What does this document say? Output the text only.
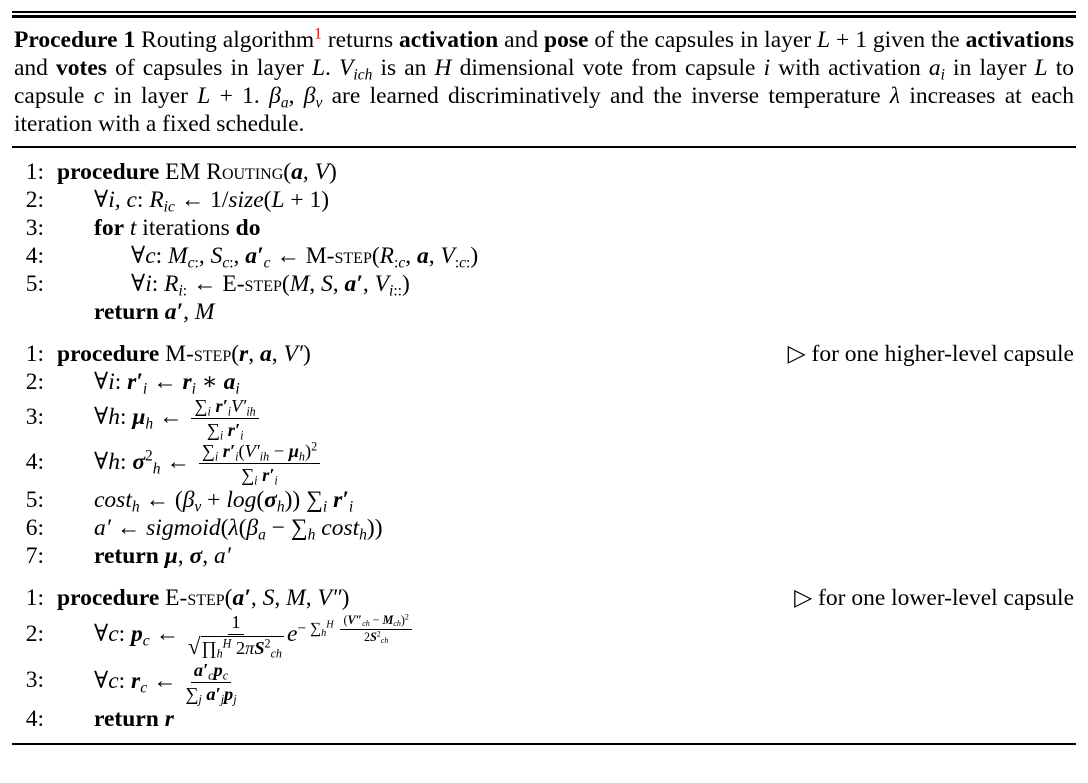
Procedure 1 Routing algorithm$^1$ returns activation and pose of the capsules in layer L + 1 given the activations and votes of capsules in layer L. $V_{ich}$ is an H dimensional vote from capsule i with activation $a_i$ in layer L to capsule c in layer L + 1. $\beta_a$, $\beta_v$ are learned discriminatively and the inverse temperature λ increases at each iteration with a fixed schedule.

1: procedure EM Routing(a, V)
2:	∀i, c: $R_{ic}$ ← 1/size(L + 1)
3:	for t iterations do
4:	∀c: $M_{c:}$, $S_{c:}$, $a'_c$ ← $M-step(R_{:c}$, a, $V_{:c:}$)
5:	∀i: $R_{i:}$ ← E-step(M, S, a′, $V_{i::}$)
return a′, M
1: procedure M-step(r, a, V′)	▷ for one higher-level capsule
2:	∀i: $r'_i$ ← $r_i$ ∗ $a_i$
3:	∀h: $\mu_h$ ← $\frac{\sum_i r'_iV'_{ih}}{\sum_i r'_i}$
4:	∀h: $\sigma^2_h$ ← $\frac{\sum_i r'_i(V'_{ih} - \mu_h)^2}{\sum_i r'_i}$
5:	cost$_h$ ← $(\beta_v + \log(\sigma_h))$ $\sum_i$ $r'_i$
6:	a′ ← $sigmoid(\lambda(\beta_a - \sum_h$ cost$_h$))
7:	return μ, σ, a′
1: procedure E-step(a′, S, M, V″)	▷ for one lower-level capsule
2:	∀c: $p_c$ ← $\frac{1}{√ \prod_h^H 2\pi S^2_{ch}} e^{- \sum_h^H \frac{(V''_{ch} - M_{ch})^2}{2S^2_{ch}}}$
3:	∀c: $r_c$ ← $\frac{a'_cp_c}{\sum_j a'_jp_j}$
4:	return r
